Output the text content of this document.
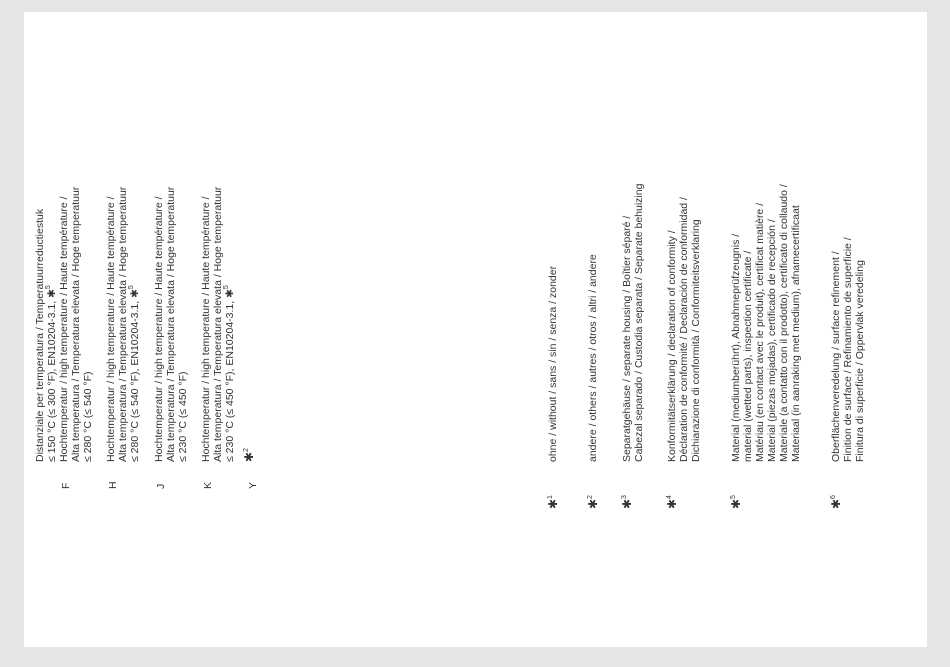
Distanziale per temperatura / Temperatuurreductiestuk ≤ 150 °C (≤ 300 °F), EN10204-3.1, ✱$^5$
F
Hochtemperatur / high temperature / Haute température / Alta temperatura / Temperatura elevata / Hoge temperatuur ≤ 280 °C (≤ 540 °F)
H
Hochtemperatur / high temperature / Haute température / Alta temperatura / Temperatura elevata / Hoge temperatuur ≤ 280 °C (≤ 540 °F), EN10204-3.1, ✱$^5$
J
Hochtemperatur / high temperature / Haute température / Alta temperatura / Temperatura elevata / Hoge temperatuur ≤ 230 °C (≤ 450 °F)
K
Hochtemperatur / high temperature / Haute température / Alta temperatura / Temperatura elevata / Hoge temperatuur ≤ 230 °C (≤ 450 °F), EN10204-3.1, ✱$^5$
Y
✱$^2$
✱$^1$
ohne / without / sans / sin / senza / zonder
✱$^2$
andere / others / autres / otros / altri / andere
✱$^3$
Separatgehäuse / separate housing / Boîtier séparé / Cabezal separado / Custodia separata / Separate behuizing
✱$^4$
Konformitätserklärung / declaration of conformity / Déclaration de conformité / Declaración de conformidad / Dichiarazione di conformità / Conformiteitsverklaring
✱$^5$
Material (mediumberührt), Abnahmeprüfzeugnis / material (wetted parts), inspection certificate / Matériau (en contact avec le produit), certificat matière / Material (piezas mojadas), certificado de recepción / Materiale (a contatto con il prodotto), certificato di collaudo / Materiaal (in aanraking met medium), afnamecertificaat
✱$^6$
Oberflächenveredelung / surface refinement / Finition de surface / Refinamiento de superficie / Finitura di superficie / Oppervlak veredeling
